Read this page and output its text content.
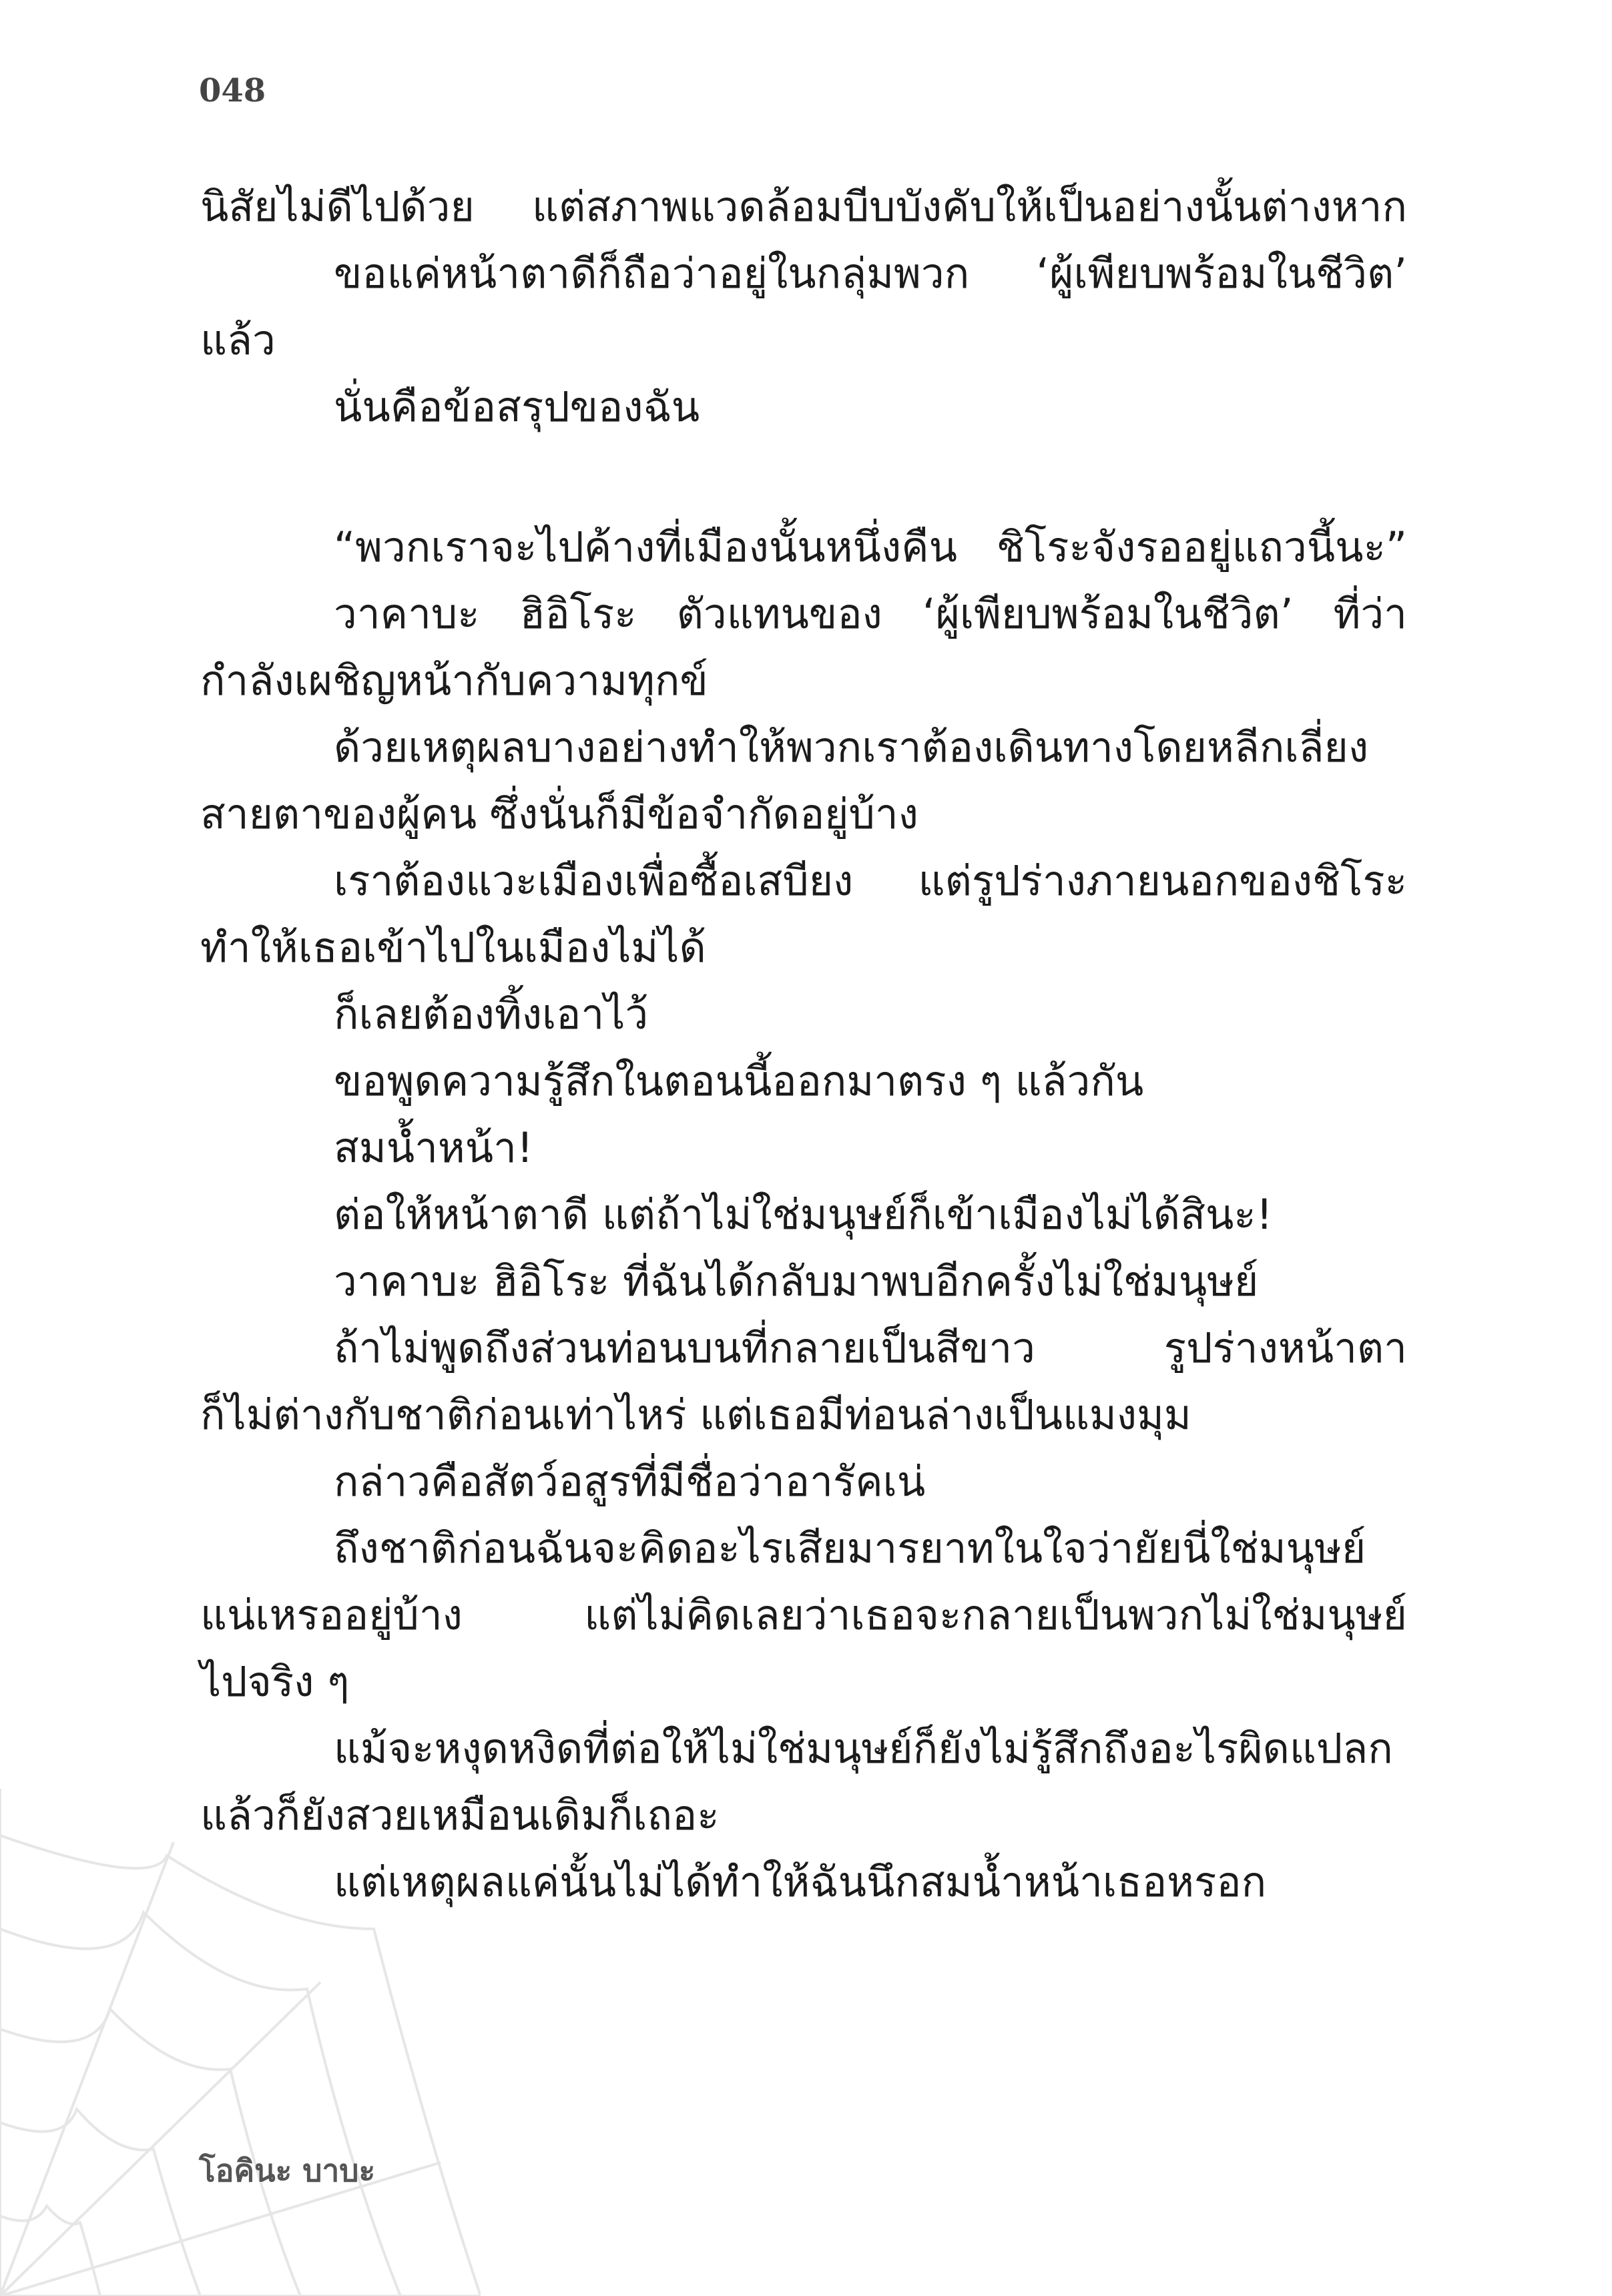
048
นิสัยไม่ดีไปด้วย แต่สภาพแวดล้อมบีบบังคับให้เป็นอย่างนั้นต่างหาก
ขอแค่หน้าตาดีก็ถือว่าอยู่ในกลุ่มพวก ‘ผู้เพียบพร้อมในชีวิต’
แล้ว
นั่นคือข้อสรุปของฉัน
“พวกเราจะไปค้างที่เมืองนั้นหนึ่งคืน ชิโระจังรออยู่แถวนี้นะ”
วาคาบะ ฮิอิโระ ตัวแทนของ ‘ผู้เพียบพร้อมในชีวิต’ ที่ว่า
กำลังเผชิญหน้ากับความทุกข์
ด้วยเหตุผลบางอย่างทำให้พวกเราต้องเดินทางโดยหลีกเลี่ยง
สายตาของผู้คน ซึ่งนั่นก็มีข้อจำกัดอยู่บ้าง
เราต้องแวะเมืองเพื่อซื้อเสบียง แต่รูปร่างภายนอกของชิโระ
ทำให้เธอเข้าไปในเมืองไม่ได้
ก็เลยต้องทิ้งเอาไว้
ขอพูดความรู้สึกในตอนนี้ออกมาตรง ๆ แล้วกัน
สมน้ำหน้า!
ต่อให้หน้าตาดี แต่ถ้าไม่ใช่มนุษย์ก็เข้าเมืองไม่ได้สินะ!
วาคาบะ ฮิอิโระ ที่ฉันได้กลับมาพบอีกครั้งไม่ใช่มนุษย์
ถ้าไม่พูดถึงส่วนท่อนบนที่กลายเป็นสีขาว รูปร่างหน้าตา
ก็ไม่ต่างกับชาติก่อนเท่าไหร่ แต่เธอมีท่อนล่างเป็นแมงมุม
กล่าวคือสัตว์อสูรที่มีชื่อว่าอารัคเน่
ถึงชาติก่อนฉันจะคิดอะไรเสียมารยาทในใจว่ายัยนี่ใช่มนุษย์
แน่เหรออยู่บ้าง แต่ไม่คิดเลยว่าเธอจะกลายเป็นพวกไม่ใช่มนุษย์
ไปจริง ๆ
แม้จะหงุดหงิดที่ต่อให้ไม่ใช่มนุษย์ก็ยังไม่รู้สึกถึงอะไรผิดแปลก
แล้วก็ยังสวยเหมือนเดิมก็เถอะ
แต่เหตุผลแค่นั้นไม่ได้ทำให้ฉันนึกสมน้ำหน้าเธอหรอก
โอคินะ บาบะ
